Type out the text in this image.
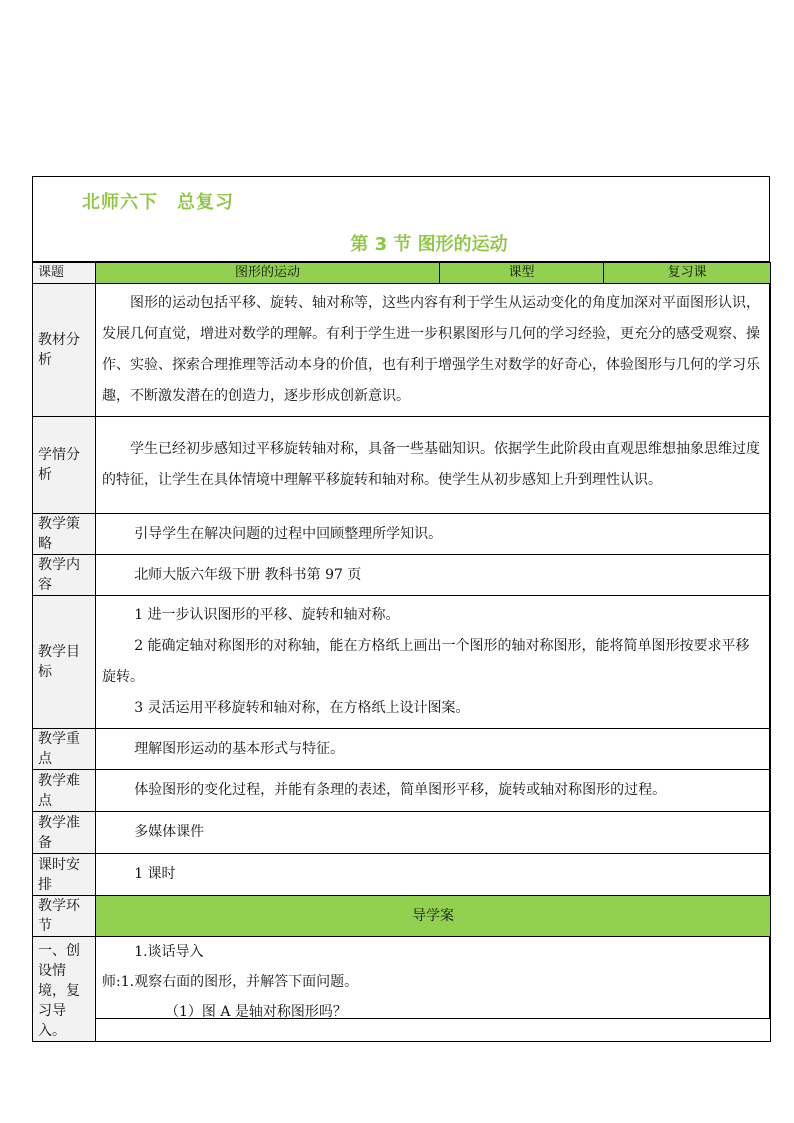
北师六下　总复习
第 3 节 图形的运动
课题	图形的运动	课型	复习课
教材分析	图形的运动包括平移、旋转、轴对称等，这些内容有利于学生从运动变化的角度加深对平面图形认识，发展几何直觉，增进对数学的理解。有利于学生进一步积累图形与几何的学习经验，更充分的感受观察、操作、实验、探索合理推理等活动本身的价值，也有利于增强学生对数学的好奇心，体验图形与几何的学习乐趣，不断激发潜在的创造力，逐步形成创新意识。		

学情分析	学生已经初步感知过平移旋转轴对称，具备一些基础知识。依据学生此阶段由直观思维想抽象思维过度的特征，让学生在具体情境中理解平移旋转和轴对称。使学生从初步感知上升到理性认识。		

教学策略	引导学生在解决问题的过程中回顾整理所学知识。		

教学内容	北师大版六年级下册 教科书第 97 页		

教学目标	1 进一步认识图形的平移、旋转和轴对称。

2 能确定轴对称图形的对称轴，能在方格纸上画出一个图形的轴对称图形，能将简单图形按要求平移旋转。

3 灵活运用平移旋转和轴对称，在方格纸上设计图案。		

教学重点	理解图形运动的基本形式与特征。		

教学难点	体验图形的变化过程，并能有条理的表述，简单图形平移，旋转或轴对称图形的过程。		

教学准备	多媒体课件		

课时安排	1 课时		

教学环节	导学案		
一、创设情境，复习导入。	1.谈话导入

师:1.观察右面的图形，并解答下面问题。

（1）图 A 是轴对称图形吗？		
